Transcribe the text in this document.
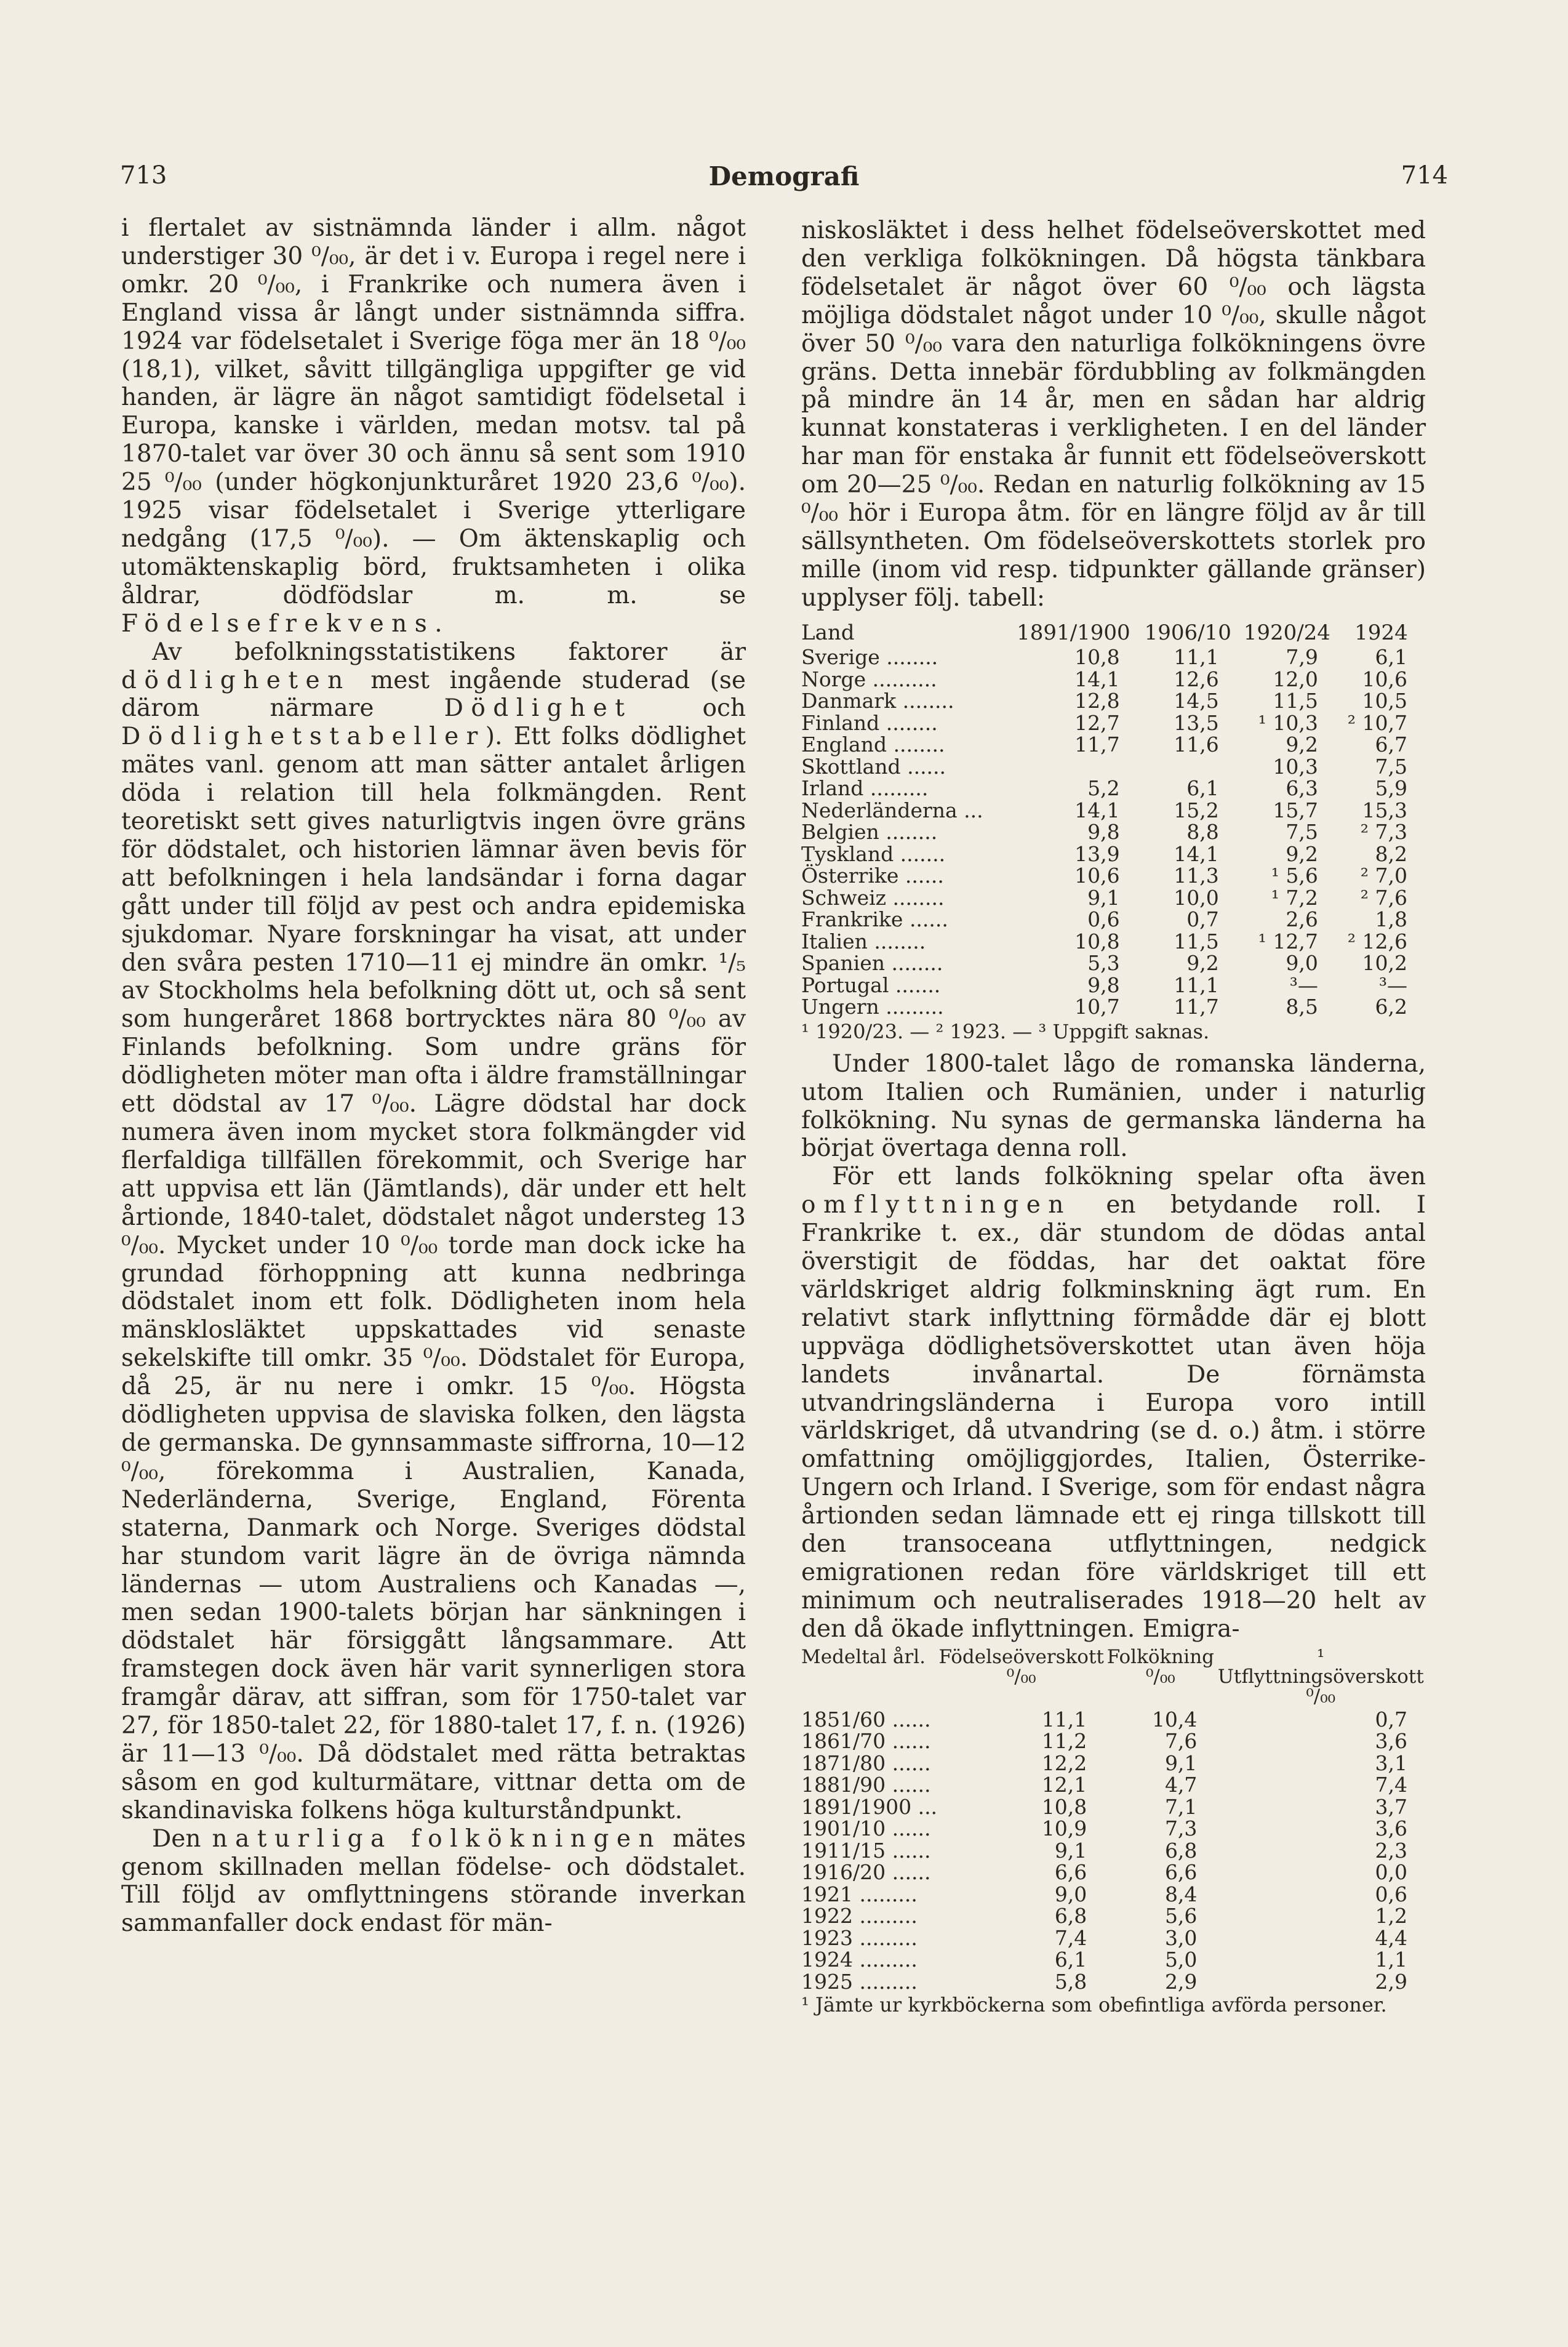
713	Demografi	714

i flertalet av sistnämnda länder i allm. något understiger 30 ⁰/₀₀, är det i v. Europa i regel nere i omkr. 20 ⁰/₀₀, i Frankrike och numera även i England vissa år långt under sistnämnda siffra. 1924 var födelsetalet i Sverige föga mer än 18 ⁰/₀₀ (18,1), vilket, såvitt tillgängliga uppgifter ge vid handen, är lägre än något samtidigt födelsetal i Europa, kanske i världen, medan motsv. tal på 1870-talet var över 30 och ännu så sent som 1910 25 ⁰/₀₀ (under högkonjunkturåret 1920 23,6 ⁰/₀₀). 1925 visar födelsetalet i Sverige ytterligare nedgång (17,5 ⁰/₀₀). — Om äktenskaplig och utomäktenskaplig börd, fruktsamheten i olika åldrar, dödfödslar m. m. se Födelsefrekvens.

Av befolkningsstatistikens faktorer är dödligheten mest ingående studerad (se därom närmare	Dödlighet	och Dödlighetstabeller). Ett folks dödlighet mätes vanl. genom att man sätter antalet årligen döda i relation till hela folkmängden. Rent teoretiskt sett gives naturligtvis ingen övre gräns för dödstalet, och historien lämnar även bevis för att befolkningen i hela landsändar i forna dagar gått under till följd av pest och andra epidemiska sjukdomar. Nyare forskningar ha visat, att under den svåra pesten 1710—11 ej mindre än omkr. ¹/₅ av Stockholms hela befolkning dött ut, och så sent som hungeråret 1868 bortrycktes nära 80 ⁰/₀₀ av Finlands befolkning. Som undre gräns för dödligheten möter man ofta i äldre framställningar ett dödstal av 17 ⁰/₀₀. Lägre dödstal har dock numera även inom mycket stora folkmängder vid flerfaldiga tillfällen förekommit, och Sverige har att uppvisa ett län (Jämtlands), där under ett helt årtionde, 1840-talet, dödstalet något understeg 13 ⁰/₀₀. Mycket under 10 ⁰/₀₀ torde man dock icke ha grundad förhoppning att kunna nedbringa dödstalet inom ett folk. Dödligheten inom hela mänsklosläktet uppskattades vid senaste sekelskifte till omkr. 35 ⁰/₀₀. Dödstalet för Europa, då 25, är nu nere i omkr. 15 ⁰/₀₀. Högsta dödligheten uppvisa de slaviska folken, den lägsta de germanska. De gynnsammaste siffrorna, 10—12 ⁰/₀₀, förekomma i Australien, Kanada, Nederländerna, Sverige, England, Förenta staterna, Danmark och Norge. Sveriges dödstal har stundom varit lägre än de övriga nämnda ländernas — utom Australiens och Kanadas —, men sedan 1900-talets början har sänkningen i dödstalet här försiggått långsammare. Att framstegen dock även här varit synnerligen stora framgår därav, att siffran, som för 1750-talet var 27, för 1850-talet 22, för 1880-talet 17, f. n. (1926) är 11—13 ⁰/₀₀. Då dödstalet med rätta betraktas såsom en god kulturmätare, vittnar detta om de skandinaviska folkens höga kulturståndpunkt.

Den naturliga folkökningen mätes genom skillnaden mellan födelse- och dödstalet. Till följd av omflyttningens störande inverkan sammanfaller dock endast för män-

niskosläktet i dess helhet födelseöverskottet med den verkliga folkökningen. Då högsta tänkbara födelsetalet är något över 60 ⁰/₀₀ och lägsta möjliga dödstalet något under 10 ⁰/₀₀, skulle något över 50 ⁰/₀₀ vara den naturliga folkökningens övre gräns. Detta innebär fördubbling av folkmängden på mindre än 14 år, men en sådan har aldrig kunnat konstateras i verkligheten. I en del länder har man för enstaka år funnit ett födelseöverskott om 20—25 ⁰/₀₀. Redan en naturlig folkökning av 15 ⁰/₀₀ hör i Europa åtm. för en längre följd av år till sällsyntheten. Om födelseöverskottets storlek pro mille (inom vid resp. tidpunkter gällande gränser) upplyser följ. tabell:

Land	1891/1900	1906/10	1920/24	1924
Sverige ........	10,8	11,1	7,9	6,1
Norge ..........	14,1	12,6	12,0	10,6
Danmark ........	12,8	14,5	11,5	10,5
Finland ........	12,7	13,5	¹ 10,3	² 10,7
England ........	11,7	11,6	9,2	6,7
Skottland ......			10,3	7,5
Irland .........	5,2	6,1	6,3	5,9
Nederländerna ...	14,1	15,2	15,7	15,3
Belgien ........	9,8	8,8	7,5	² 7,3
Tyskland .......	13,9	14,1	9,2	8,2
Österrike ......	10,6	11,3	¹ 5,6	² 7,0
Schweiz ........	9,1	10,0	¹ 7,2	² 7,6
Frankrike ......	0,6	0,7	2,6	1,8
Italien ........	10,8	11,5	¹ 12,7	² 12,6
Spanien ........	5,3	9,2	9,0	10,2
Portugal .......	9,8	11,1	³—	³—
Ungern .........	10,7	11,7	8,5	6,2
¹ 1920/23. — ² 1923. — ³ Uppgift saknas.

Under 1800-talet lågo de romanska länderna, utom Italien och Rumänien, under i naturlig folkökning. Nu synas de germanska länderna ha börjat övertaga denna roll.

För ett lands folkökning spelar ofta även omflyttningen en betydande roll. I Frankrike t. ex., där stundom de dödas antal överstigit de föddas, har det oaktat före världskriget aldrig folkminskning ägt rum. En relativt stark inflyttning förmådde där ej blott uppväga dödlighetsöverskottet utan även höja landets invånartal. De förnämsta utvandringsländerna i Europa voro intill världskriget, då utvandring (se d. o.) åtm. i större omfattning omöjliggjordes, Italien, Österrike-Ungern och Irland. I Sverige, som för endast några årtionden sedan lämnade ett ej ringa tillskott till den transoceana utflyttningen, nedgick emigrationen redan före världskriget till ett minimum och neutraliserades 1918—20 helt av den då ökade inflyttningen. Emigra-

Medeltal årl.	Födelseöverskott ⁰/₀₀	Folkökning ⁰/₀₀	¹ Utflyttningsöverskott ⁰/₀₀
1851/60 ......	11,1	10,4	0,7
1861/70 ......	11,2	7,6	3,6
1871/80 ......	12,2	9,1	3,1
1881/90 ......	12,1	4,7	7,4
1891/1900 ...	10,8	7,1	3,7
1901/10 ......	10,9	7,3	3,6
1911/15 ......	9,1	6,8	2,3
1916/20 ......	6,6	6,6	0,0
1921 .........	9,0	8,4	0,6
1922 .........	6,8	5,6	1,2
1923 .........	7,4	3,0	4,4
1924 .........	6,1	5,0	1,1
1925 .........	5,8	2,9	2,9
¹ Jämte ur kyrkböckerna som obefintliga avförda personer.
